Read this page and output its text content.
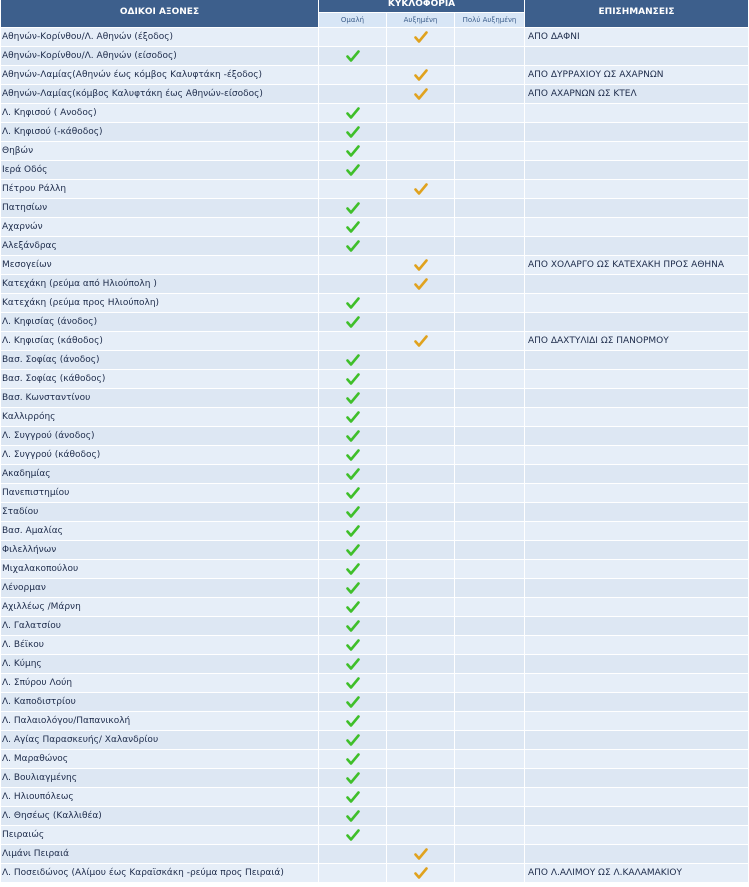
ΟΔΙΚΟΙ ΑΞΟΝΕΣ	ΚΥΚΛΟΦΟΡΙΑ			ΕΠΙΣΗΜΑΝΣΕΙΣ
	Ομαλή	Αυξημένη	Πολύ Αυξημένη	
Αθηνών-Κορίνθου/Λ. Αθηνών (έξοδος)				ΑΠΟ ΔΑΦΝΙ
Αθηνών-Κορίνθου/Λ. Αθηνών (είσοδος)				
Αθηνών-Λαμίας(Αθηνών έως κόμβος Καλυφτάκη -έξοδος)				ΑΠΟ ΔΥΡΡΑΧΙΟΥ ΩΣ ΑΧΑΡΝΩΝ
Αθηνών-Λαμίας(κόμβος Καλυφτάκη έως Αθηνών-είσοδος)				ΑΠΟ ΑΧΑΡΝΩΝ ΩΣ ΚΤΕΛ
Λ. Κηφισού ( Ανοδος)				
Λ. Κηφισού (-κάθοδος)				
Θηβών				
Ιερά Οδός				
Πέτρου Ράλλη				
Πατησίων				
Αχαρνών				
Αλεξάνδρας				
Μεσογείων				ΑΠΟ ΧΟΛΑΡΓΟ ΩΣ ΚΑΤΕΧΑΚΗ ΠΡΟΣ ΑΘΗΝΑ
Κατεχάκη (ρεύμα από Ηλιούπολη )				
Κατεχάκη (ρεύμα προς Ηλιούπολη)				
Λ. Κηφισίας (άνοδος)				
Λ. Κηφισίας (κάθοδος)				ΑΠΟ ΔΑΧΤΥΛΙΔΙ ΩΣ ΠΑΝΟΡΜΟΥ
Βασ. Σοφίας (άνοδος)				
Βασ. Σοφίας (κάθοδος)				
Βασ. Κωνσταντίνου				
Καλλιρρόης				
Λ. Συγγρού (άνοδος)				
Λ. Συγγρού (κάθοδος)				
Ακαδημίας				
Πανεπιστημίου				
Σταδίου				
Βασ. Αμαλίας				
Φιλελλήνων				
Μιχαλακοπούλου				
Λένορμαν				
Αχιλλέως /Μάρνη				
Λ. Γαλατσίου				
Λ. Βέϊκου				
Λ. Κύμης				
Λ. Σπύρου Λούη				
Λ. Καποδιστρίου				
Λ. Παλαιολόγου/Παπανικολή				
Λ. Αγίας Παρασκευής/ Χαλανδρίου				
Λ. Μαραθώνος				
Λ. Βουλιαγμένης				
Λ. Ηλιουπόλεως				
Λ. Θησέως (Καλλιθέα)				
Πειραιώς				
Λιμάνι Πειραιά				
Λ. Ποσειδώνος (Αλίμου έως Καραϊσκάκη -ρεύμα προς Πειραιά)				ΑΠΟ Λ.ΑΛΙΜΟΥ ΩΣ Λ.ΚΑΛΑΜΑΚΙΟΥ
